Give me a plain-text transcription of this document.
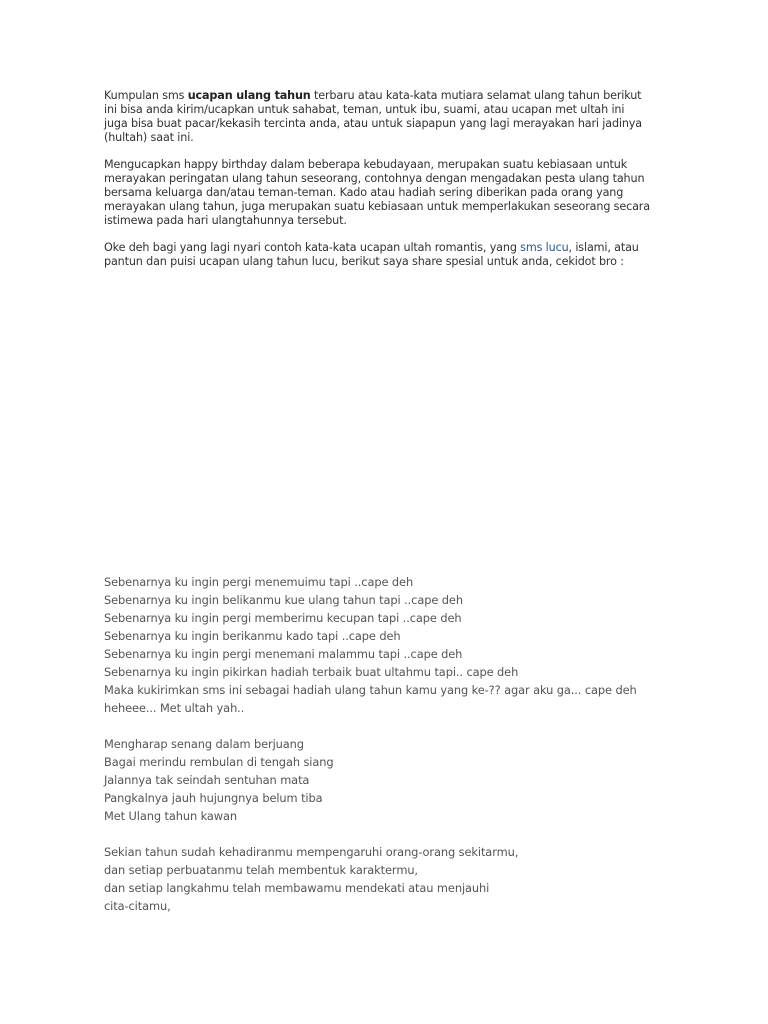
Kumpulan sms ucapan ulang tahun terbaru atau kata-kata mutiara selamat ulang tahun berikut
ini bisa anda kirim/ucapkan untuk sahabat, teman, untuk ibu, suami, atau ucapan met ultah ini
juga bisa buat pacar/kekasih tercinta anda, atau untuk siapapun yang lagi merayakan hari jadinya
(hultah) saat ini.

Mengucapkan happy birthday dalam beberapa kebudayaan, merupakan suatu kebiasaan untuk
merayakan peringatan ulang tahun seseorang, contohnya dengan mengadakan pesta ulang tahun
bersama keluarga dan/atau teman-teman. Kado atau hadiah sering diberikan pada orang yang
merayakan ulang tahun, juga merupakan suatu kebiasaan untuk memperlakukan seseorang secara
istimewa pada hari ulangtahunnya tersebut.

Oke deh bagi yang lagi nyari contoh kata-kata ucapan ultah romantis, yang sms lucu, islami, atau
pantun dan puisi ucapan ulang tahun lucu, berikut saya share spesial untuk anda, cekidot bro :

Sebenarnya ku ingin pergi menemuimu tapi ..cape deh
Sebenarnya ku ingin belikanmu kue ulang tahun tapi ..cape deh
Sebenarnya ku ingin pergi memberimu kecupan tapi ..cape deh
Sebenarnya ku ingin berikanmu kado tapi ..cape deh
Sebenarnya ku ingin pergi menemani malammu tapi ..cape deh
Sebenarnya ku ingin pikirkan hadiah terbaik buat ultahmu tapi.. cape deh
Maka kukirimkan sms ini sebagai hadiah ulang tahun kamu yang ke-?? agar aku ga... cape deh
heheee... Met ultah yah..

Mengharap senang dalam berjuang
Bagai merindu rembulan di tengah siang
Jalannya tak seindah sentuhan mata
Pangkalnya jauh hujungnya belum tiba
Met Ulang tahun kawan

Sekian tahun sudah kehadiranmu mempengaruhi orang-orang sekitarmu,
dan setiap perbuatanmu telah membentuk karaktermu,
dan setiap langkahmu telah membawamu mendekati atau menjauhi
cita-citamu,
